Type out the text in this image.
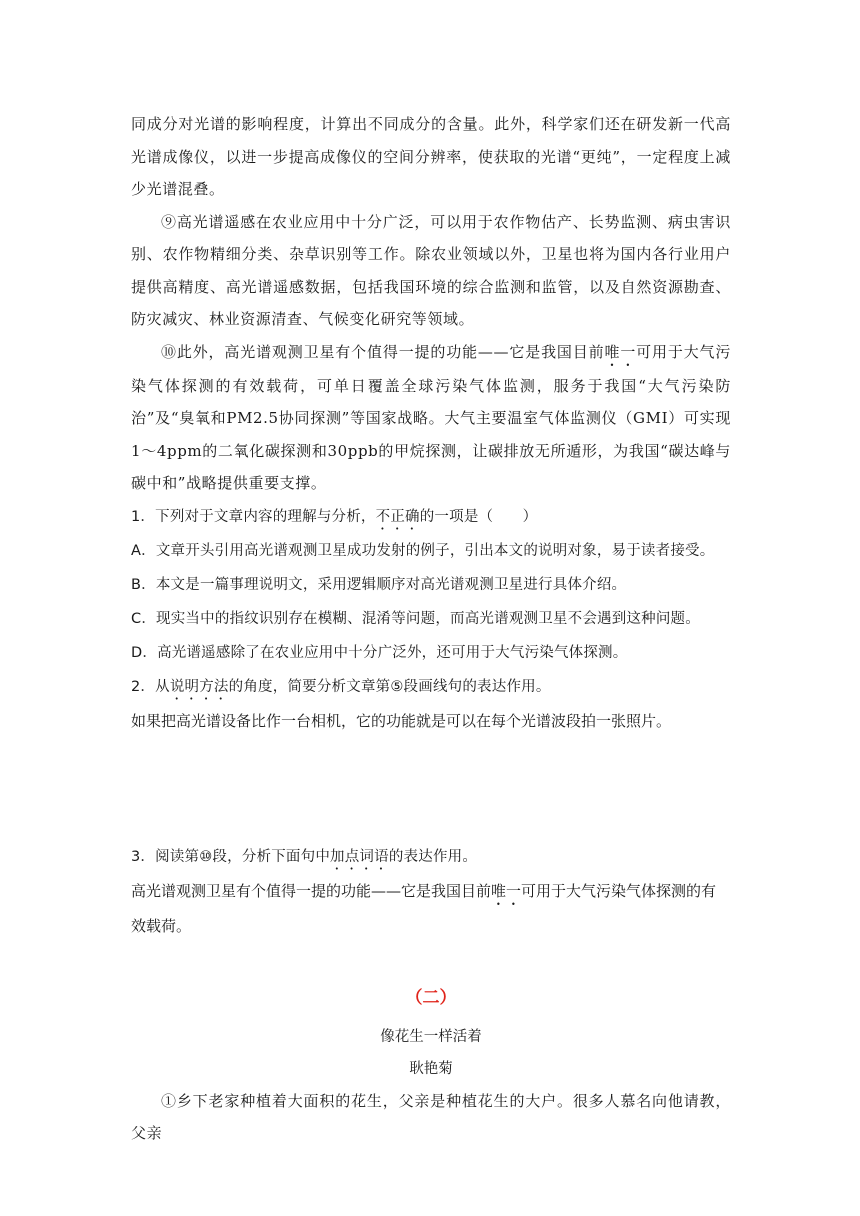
同成分对光谱的影响程度，计算出不同成分的含量。此外，科学家们还在研发新一代高光谱成像仪，以进一步提高成像仪的空间分辨率，使获取的光谱“更纯”，一定程度上减少光谱混叠。

⑨高光谱遥感在农业应用中十分广泛，可以用于农作物估产、长势监测、病虫害识别、农作物精细分类、杂草识别等工作。除农业领域以外，卫星也将为国内各行业用户提供高精度、高光谱遥感数据，包括我国环境的综合监测和监管，以及自然资源勘查、防灾减灾、林业资源清查、气候变化研究等领域。

⑩此外，高光谱观测卫星有个值得一提的功能——它是我国目前唯一可用于大气污染气体探测的有效载荷，可单日覆盖全球污染气体监测，服务于我国“大气污染防治”及“臭氧和PM2.5协同探测”等国家战略。大气主要温室气体监测仪（GMI）可实现1～4ppm的二氧化碳探测和30ppb的甲烷探测，让碳排放无所遁形，为我国“碳达峰与碳中和”战略提供重要支撑。

1．下列对于文章内容的理解与分析，不正确的一项是（　　）

A．文章开头引用高光谱观测卫星成功发射的例子，引出本文的说明对象，易于读者接受。

B．本文是一篇事理说明文，采用逻辑顺序对高光谱观测卫星进行具体介绍。

C．现实当中的指纹识别存在模糊、混淆等问题，而高光谱观测卫星不会遇到这种问题。

D．高光谱遥感除了在农业应用中十分广泛外，还可用于大气污染气体探测。

2．从说明方法的角度，简要分析文章第⑤段画线句的表达作用。

如果把高光谱设备比作一台相机，它的功能就是可以在每个光谱波段拍一张照片。

3．阅读第⑩段，分析下面句中加点词语的表达作用。

高光谱观测卫星有个值得一提的功能——它是我国目前唯一可用于大气污染气体探测的有效载荷。

（二）

像花生一样活着

耿艳菊

①乡下老家种植着大面积的花生，父亲是种植花生的大户。很多人慕名向他请教，父亲
